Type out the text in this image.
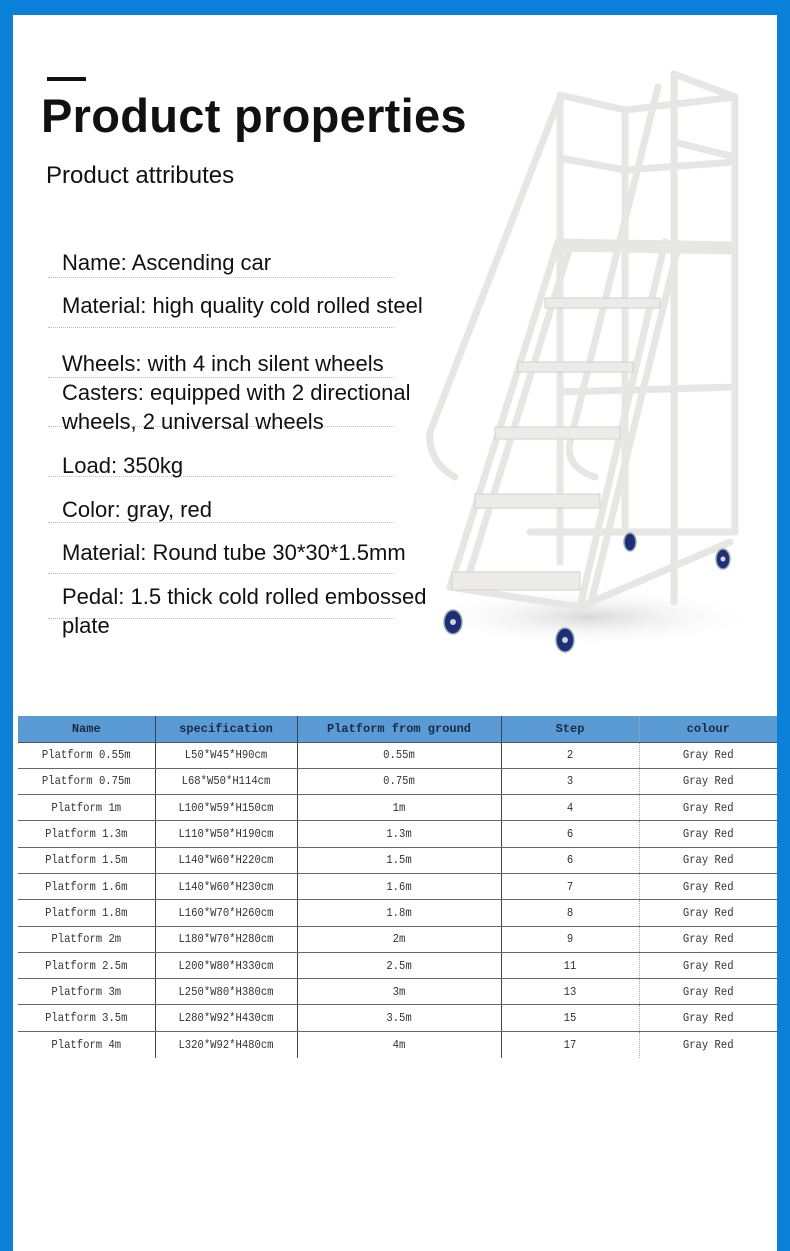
Product properties
Product attributes
Name: Ascending car
Material: high quality cold rolled steel
Wheels: with 4 inch silent wheels
Casters: equipped with 2 directional
wheels, 2 universal wheels
Load: 350kg
Color: gray, red
Material: Round tube 30*30*1.5mm
Pedal: 1.5 thick cold rolled embossed
plate
Name	specification	Platform from ground	Step	colour
Platform 0.55m	L50*W45*H90cm	0.55m	2	Gray Red
Platform 0.75m	L68*W50*H114cm	0.75m	3	Gray Red
Platform 1m	L100*W59*H150cm	1m	4	Gray Red
Platform 1.3m	L110*W50*H190cm	1.3m	6	Gray Red
Platform 1.5m	L140*W60*H220cm	1.5m	6	Gray Red
Platform 1.6m	L140*W60*H230cm	1.6m	7	Gray Red
Platform 1.8m	L160*W70*H260cm	1.8m	8	Gray Red
Platform 2m	L180*W70*H280cm	2m	9	Gray Red
Platform 2.5m	L200*W80*H330cm	2.5m	11	Gray Red
Platform 3m	L250*W80*H380cm	3m	13	Gray Red
Platform 3.5m	L280*W92*H430cm	3.5m	15	Gray Red
Platform 4m	L320*W92*H480cm	4m	17	Gray Red
